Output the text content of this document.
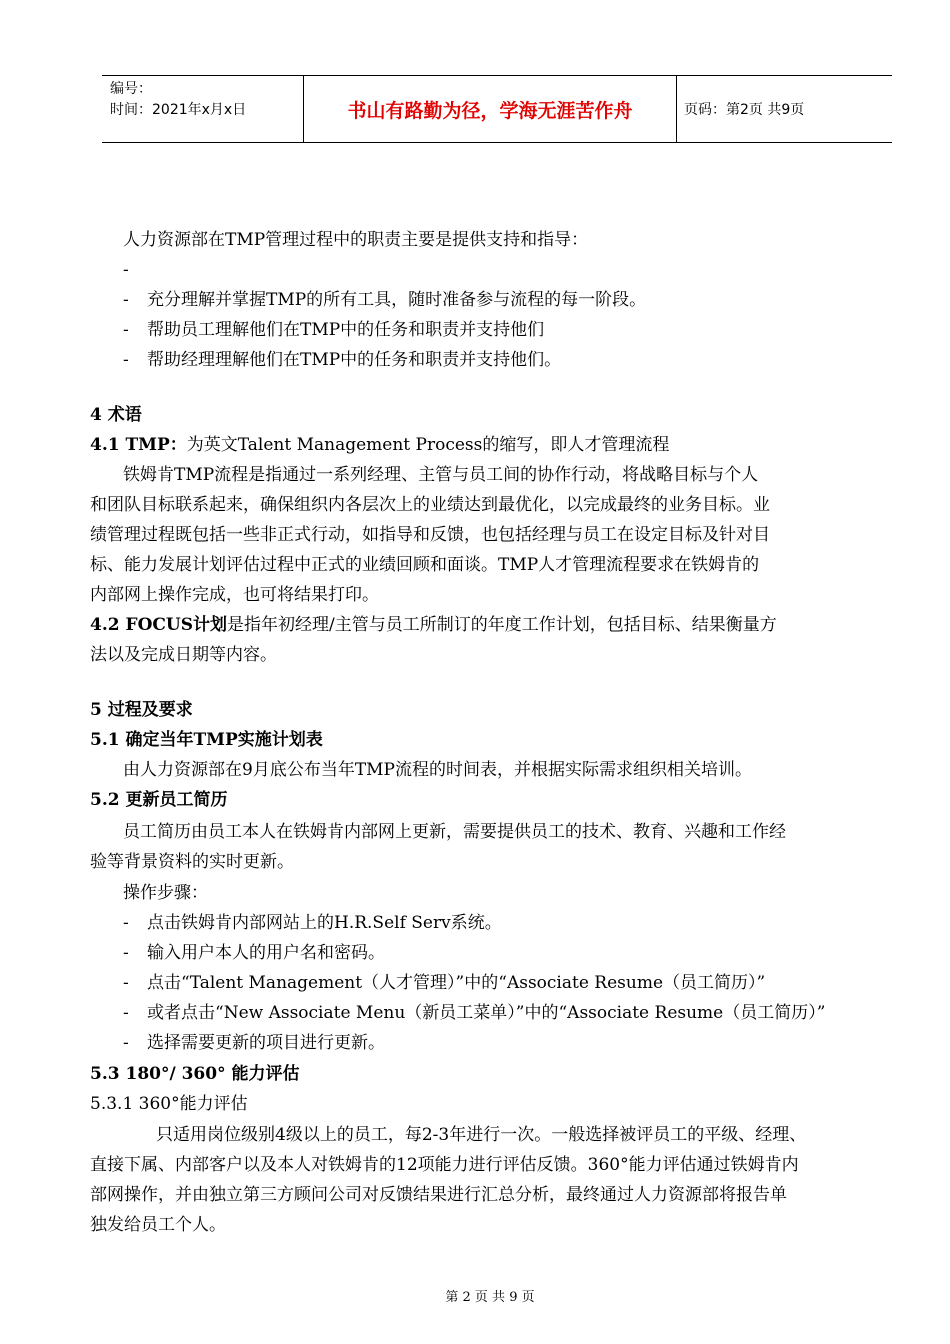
编号：
时间：2021年x月x日	书山有路勤为径，学海无涯苦作舟	页码：第2页 共9页
人力资源部在TMP管理过程中的职责主要是提供支持和指导：
-
- 充分理解并掌握TMP的所有工具，随时准备参与流程的每一阶段。
- 帮助员工理解他们在TMP中的任务和职责并支持他们
- 帮助经理理解他们在TMP中的任务和职责并支持他们。
4 术语
4.1 TMP：为英文Talent Management Process的缩写，即人才管理流程
铁姆肯TMP流程是指通过一系列经理、主管与员工间的协作行动，将战略目标与个人
和团队目标联系起来，确保组织内各层次上的业绩达到最优化，以完成最终的业务目标。业
绩管理过程既包括一些非正式行动，如指导和反馈，也包括经理与员工在设定目标及针对目
标、能力发展计划评估过程中正式的业绩回顾和面谈。TMP人才管理流程要求在铁姆肯的
内部网上操作完成，也可将结果打印。
4.2 FOCUS计划是指年初经理/主管与员工所制订的年度工作计划，包括目标、结果衡量方
法以及完成日期等内容。
5 过程及要求
5.1 确定当年TMP实施计划表
由人力资源部在9月底公布当年TMP流程的时间表，并根据实际需求组织相关培训。
5.2 更新员工简历
员工简历由员工本人在铁姆肯内部网上更新，需要提供员工的技术、教育、兴趣和工作经
验等背景资料的实时更新。
操作步骤：
- 点击铁姆肯内部网站上的H.R.Self Serv系统。
- 输入用户本人的用户名和密码。
- 点击“Talent Management（人才管理）”中的“Associate Resume（员工简历）”
- 或者点击“New Associate Menu（新员工菜单）”中的“Associate Resume（员工简历）”
- 选择需要更新的项目进行更新。
5.3 180°/ 360° 能力评估
5.3.1 360°能力评估
只适用岗位级别4级以上的员工，每2-3年进行一次。一般选择被评员工的平级、经理、
直接下属、内部客户以及本人对铁姆肯的12项能力进行评估反馈。360°能力评估通过铁姆肯内
部网操作，并由独立第三方顾问公司对反馈结果进行汇总分析，最终通过人力资源部将报告单
独发给员工个人。
第 2 页 共 9 页
